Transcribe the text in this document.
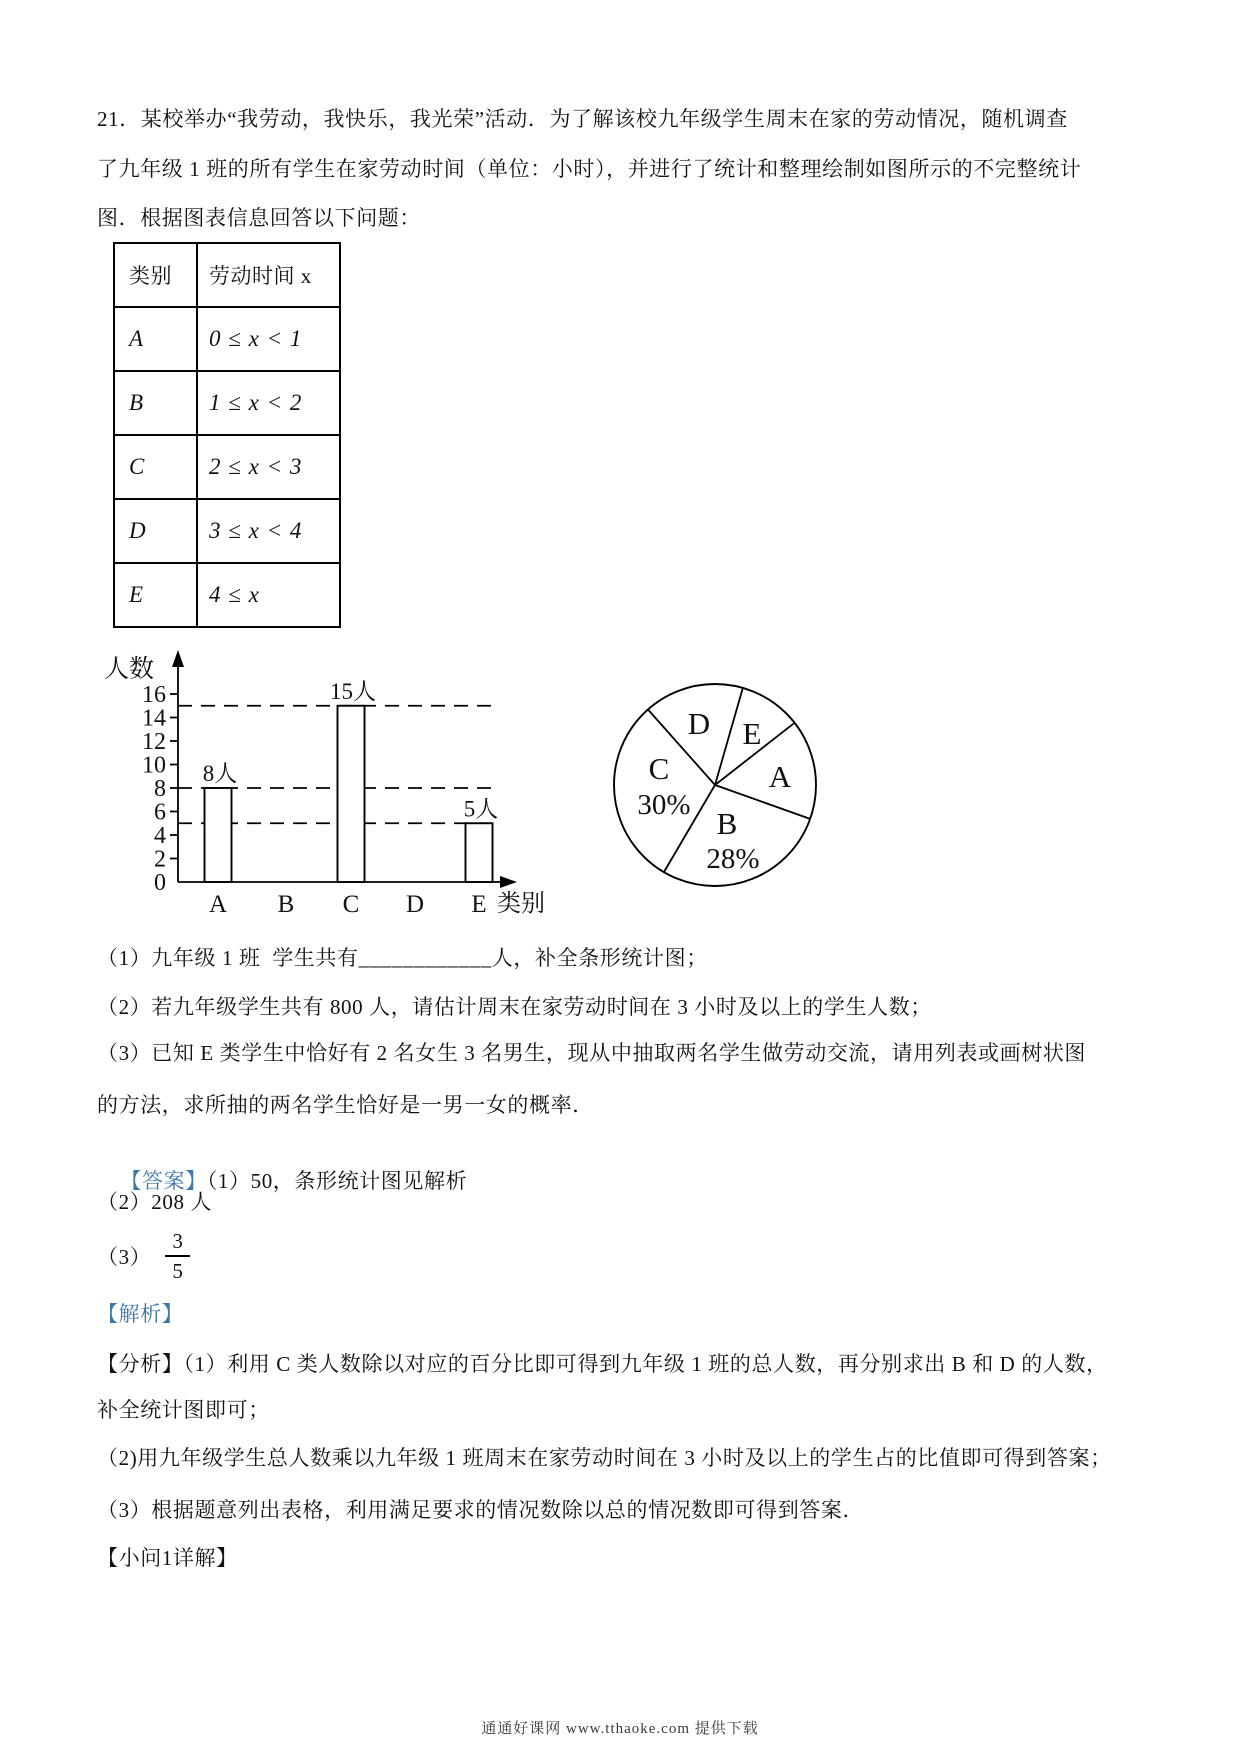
21．某校举办“我劳动，我快乐，我光荣”活动．为了解该校九年级学生周末在家的劳动情况，随机调查
了九年级 1 班的所有学生在家劳动时间（单位：小时），并进行了统计和整理绘制如图所示的不完整统计
图．根据图表信息回答以下问题：
类别	劳动时间 x
A	0 ≤ x < 1
B	1 ≤ x < 2
C	2 ≤ x < 3
D	3 ≤ x < 4
E	4 ≤ x
人数
0
2
4
6
8
10
12
14
16
8人
A B
15人
C D
5人
E 类别
E
A
B
28%
C
30%
D
（1）九年级 1 班  学生共有____________人，补全条形统计图；
（2）若九年级学生共有 800 人，请估计周末在家劳动时间在 3 小时及以上的学生人数；
（3）已知 E 类学生中恰好有 2 名女生 3 名男生，现从中抽取两名学生做劳动交流，请用列表或画树状图
的方法，求所抽的两名学生恰好是一男一女的概率．

【答案】（1）50，条形统计图见解析

（2）208 人
$(3) \frac{3}{5}$
【解析】
【分析】（1）利用 C 类人数除以对应的百分比即可得到九年级 1 班的总人数，再分别求出 B 和 D 的人数，
补全统计图即可；
（2)用九年级学生总人数乘以九年级 1 班周末在家劳动时间在 3 小时及以上的学生占的比值即可得到答案；
（3）根据题意列出表格，利用满足要求的情况数除以总的情况数即可得到答案．
【小问1详解】
通通好课网 www.tthaoke.com 提供下载
